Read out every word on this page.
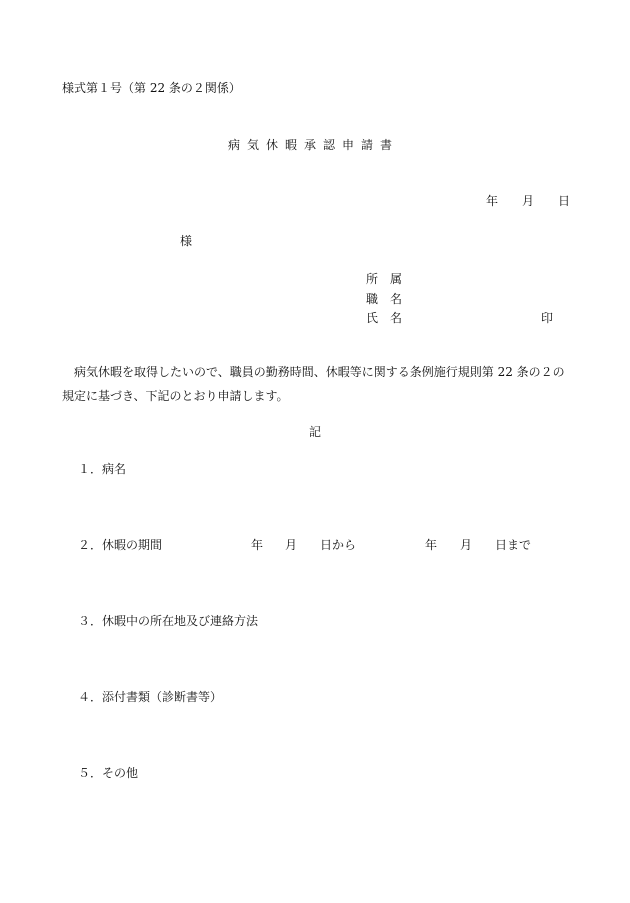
様式第１号（第 22 条の２関係）
病気休暇承認申請書
年 月 日
様
所　属
職　名
氏　名	印
病気休暇を取得したいので、職員の勤務時間、休暇等に関する条例施行規則第 22 条の２の
規定に基づき、下記のとおり申請します。
記
１．病名
２．休暇の期間	年 月 日から	年 月 日まで
３．休暇中の所在地及び連絡方法
４．添付書類（診断書等）
５．その他
